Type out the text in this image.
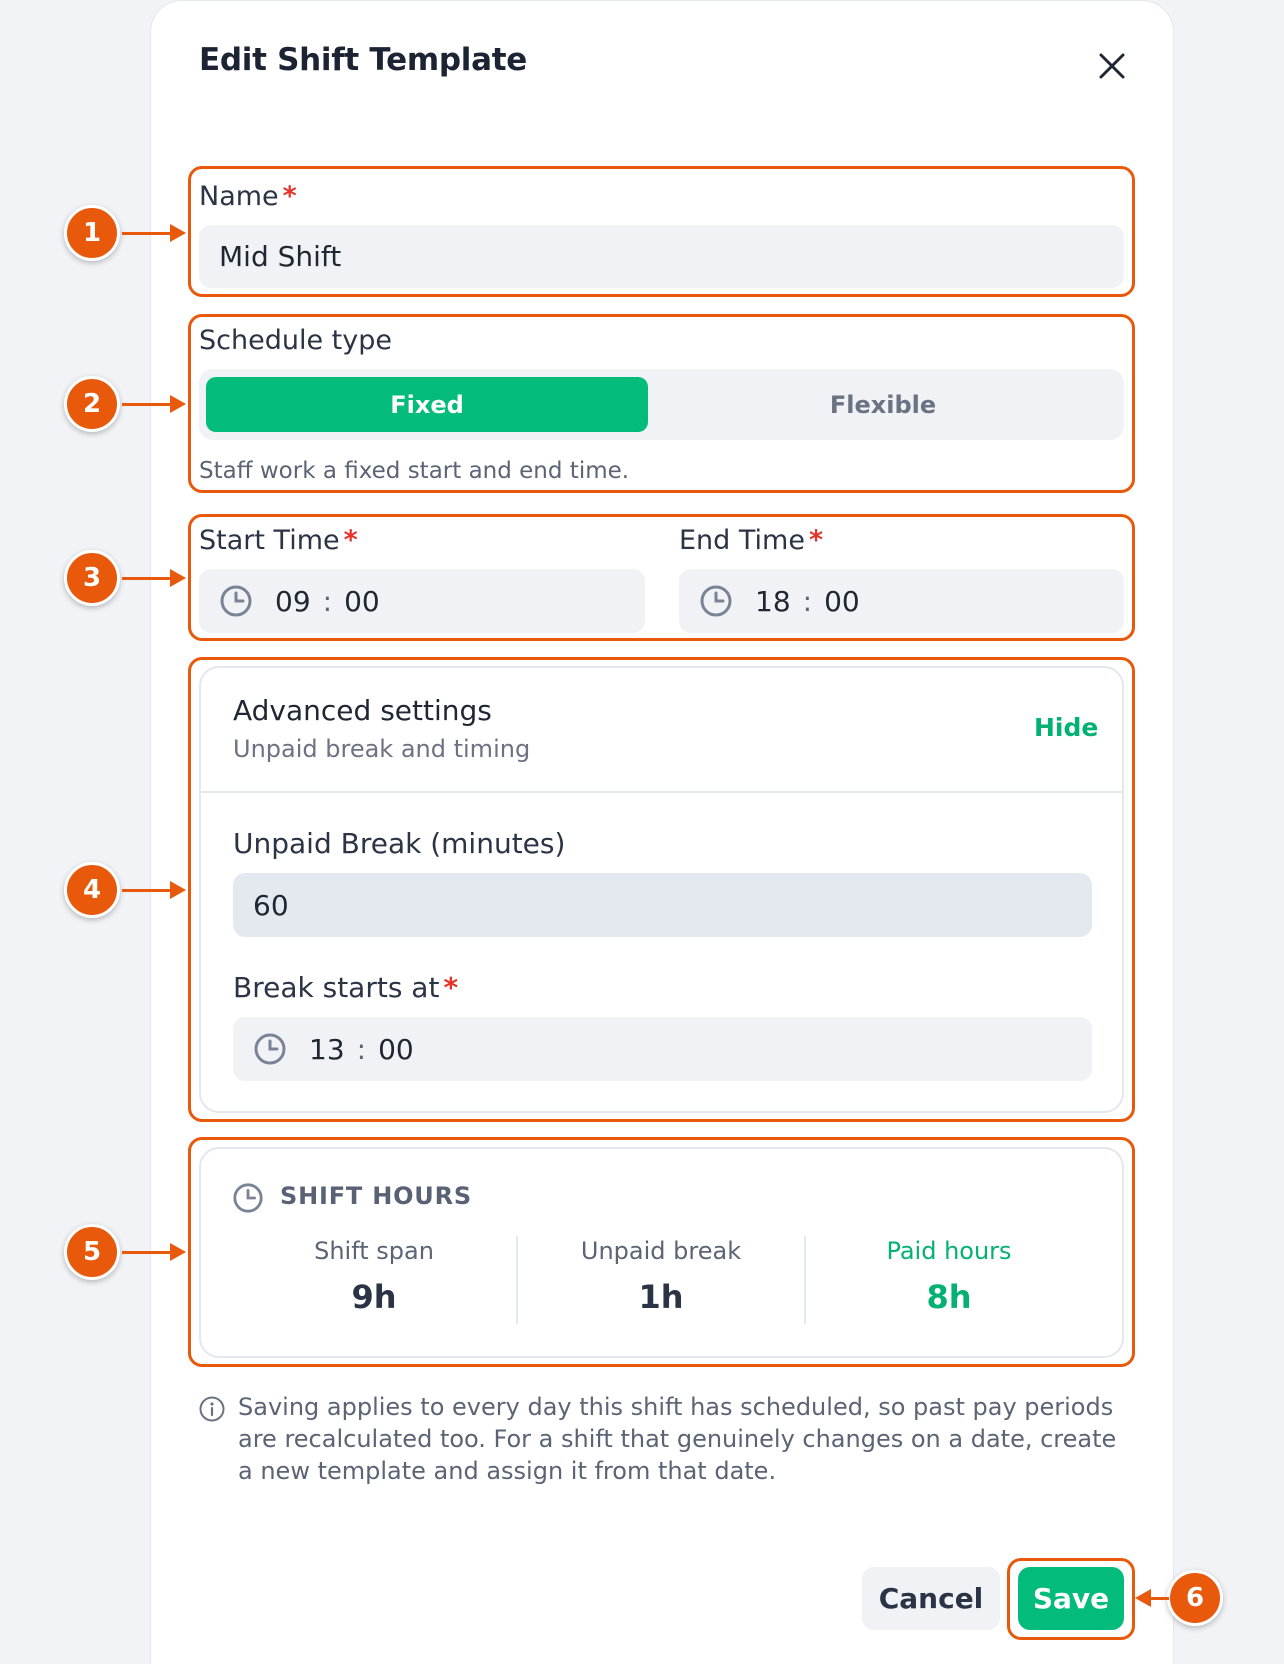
Edit Shift Template
Name *
Mid Shift
Schedule type
Fixed	Flexible
Staff work a fixed start and end time.
Start Time *
09 : 00
End Time *
18 : 00
Advanced settings
Unpaid break and timing
Hide
Unpaid Break (minutes)
60
Break starts at *
13 : 00
SHIFT HOURS
Shift span
9h
Unpaid break
1h
Paid hours
8h
Saving applies to every day this shift has scheduled, so past pay periods are recalculated too. For a shift that genuinely changes on a date, create a new template and assign it from that date.
Cancel	Save
1
2
3
4
5
6
